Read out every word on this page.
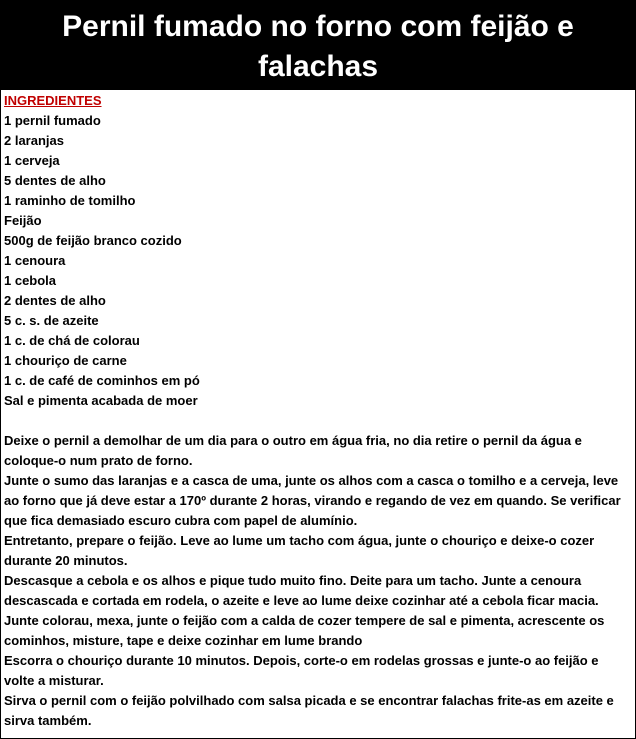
Pernil fumado no forno com feijão e falachas

INGREDIENTES

1 pernil fumado
2 laranjas
1 cerveja
5 dentes de alho
1 raminho de tomilho
Feijão
500g de feijão branco cozido
1 cenoura
1 cebola
2 dentes de alho
5 c. s. de azeite
1 c. de chá de colorau
1 chouriço de carne
1 c. de café de cominhos em pó
Sal e pimenta acabada de moer

Deixe o pernil a demolhar de um dia para o outro em água fria, no dia retire o pernil da água e coloque-o num prato de forno.

Junte o sumo das laranjas e a casca de uma, junte os alhos com a casca o tomilho e a cerveja, leve ao forno que já deve estar a 170º durante 2 horas, virando e regando de vez em quando. Se verificar que fica demasiado escuro cubra com papel de alumínio.

Entretanto, prepare o feijão. Leve ao lume um tacho com água, junte o chouriço e deixe-o cozer durante 20 minutos.

Descasque a cebola e os alhos e pique tudo muito fino. Deite para um tacho. Junte a cenoura descascada e cortada em rodela, o azeite e leve ao lume deixe cozinhar até a cebola ficar macia. Junte colorau, mexa, junte o feijão com a calda de cozer tempere de sal e pimenta, acrescente os cominhos, misture, tape e deixe cozinhar em lume brando

Escorra o chouriço durante 10 minutos. Depois, corte-o em rodelas grossas e junte-o ao feijão e volte a misturar.

Sirva o pernil com o feijão polvilhado com salsa picada e se encontrar falachas frite-as em azeite e sirva também.
